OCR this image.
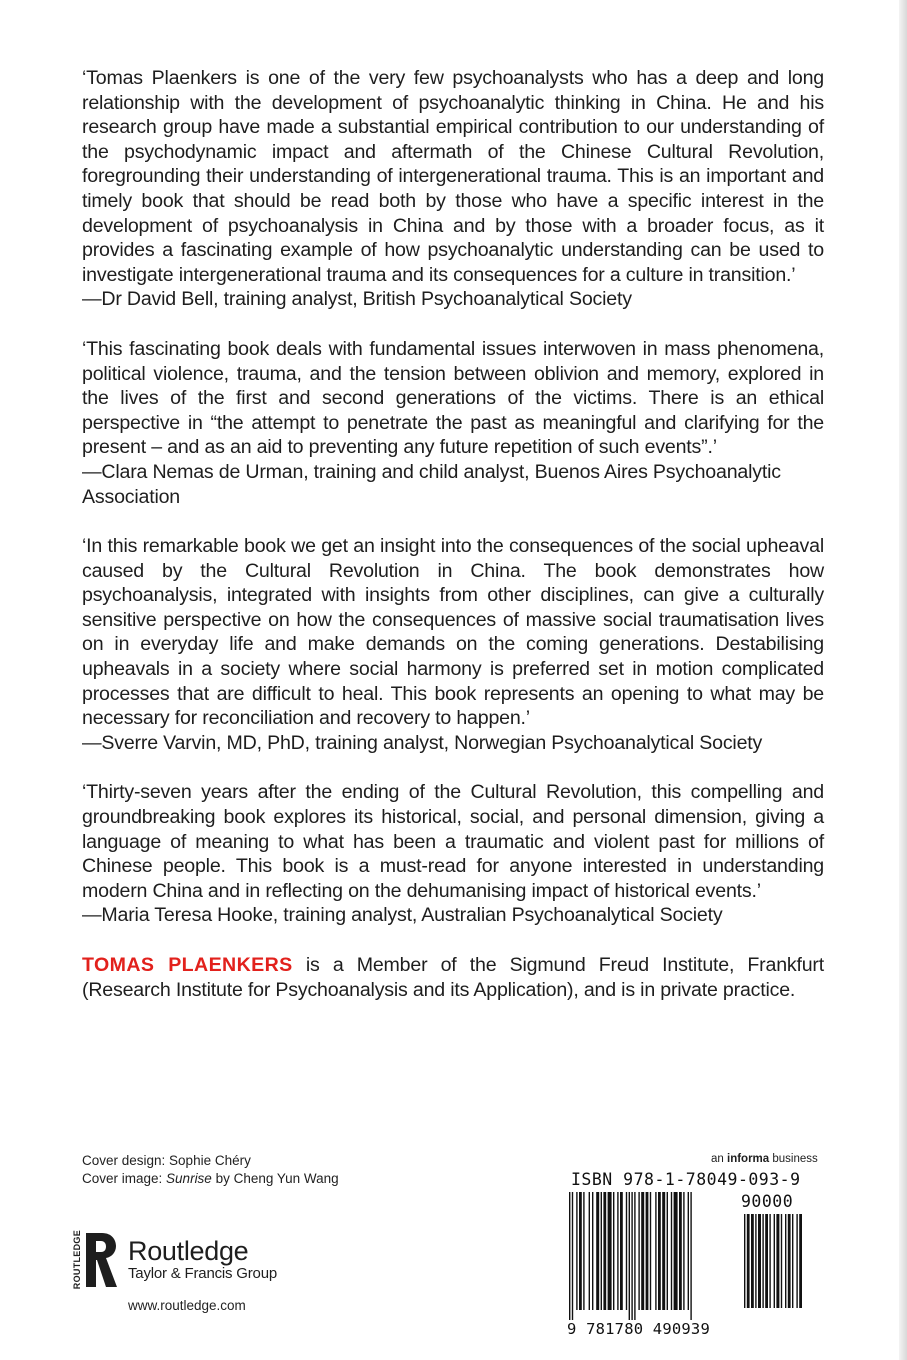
‘Tomas Plaenkers is one of the very few psychoanalysts who has a deep and long relationship with the development of psychoanalytic thinking in China. He and his research group have made a substantial empirical contribution to our understanding of the psychodynamic impact and aftermath of the Chinese Cultural Revolution, foregrounding their understanding of intergenerational trauma. This is an important and timely book that should be read both by those who have a specific interest in the development of psychoanalysis in China and by those with a broader focus, as it provides a fascinating example of how psychoanalytic understanding can be used to investigate intergenerational trauma and its consequences for a culture in transition.’

—Dr David Bell, training analyst, British Psychoanalytical Society

‘This fascinating book deals with fundamental issues interwoven in mass phenomena, political violence, trauma, and the tension between oblivion and memory, explored in the lives of the first and second generations of the victims. There is an ethical perspective in “the attempt to penetrate the past as meaningful and clarifying for the present – and as an aid to preventing any future repetition of such events”.’

—Clara Nemas de Urman, training and child analyst, Buenos Aires Psychoanalytic Association

‘In this remarkable book we get an insight into the consequences of the social upheaval caused by the Cultural Revolution in China. The book demonstrates how psychoanalysis, integrated with insights from other disciplines, can give a culturally sensitive perspective on how the consequences of massive social traumatisation lives on in everyday life and make demands on the coming generations. Destabilising upheavals in a society where social harmony is preferred set in motion complicated processes that are difficult to heal. This book represents an opening to what may be necessary for reconciliation and recovery to happen.’

—Sverre Varvin, MD, PhD, training analyst, Norwegian Psychoanalytical Society

‘Thirty-seven years after the ending of the Cultural Revolution, this compelling and groundbreaking book explores its historical, social, and personal dimension, giving a language of meaning to what has been a traumatic and violent past for millions of Chinese people. This book is a must-read for anyone interested in understanding modern China and in reflecting on the dehumanising impact of historical events.’

—Maria Teresa Hooke, training analyst, Australian Psychoanalytical Society

TOMAS PLAENKERS is a Member of the Sigmund Freud Institute, Frankfurt (Research Institute for Psychoanalysis and its Application), and is in private practice.

Cover design: Sophie Chéry
Cover image: Sunrise by Cheng Yun Wang
ROUTLEDGE Routledge
Taylor & Francis Group
www.routledge.com
an informa business
ISBN 978-1-78049-093-9
90000
9 781780 490939
